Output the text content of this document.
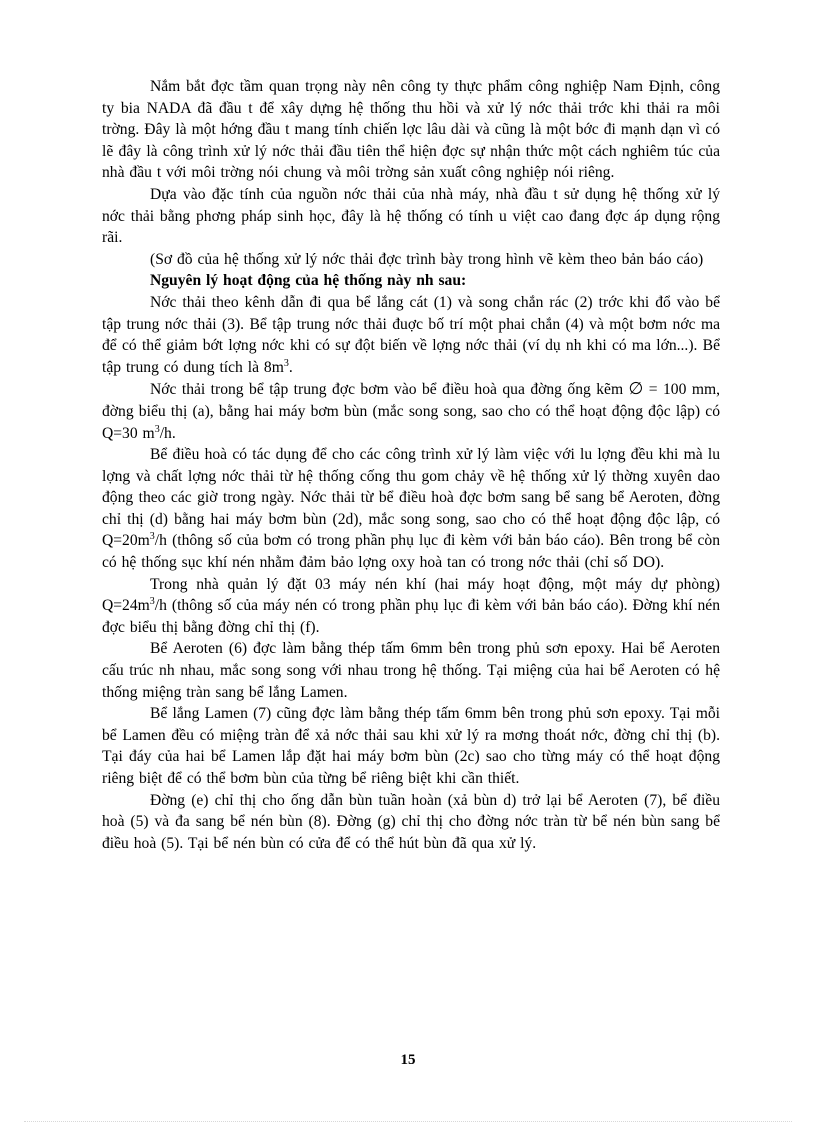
Nắm bắt đợc tầm quan trọng này nên công ty thực phẩm công nghiệp Nam Định, công ty bia NADA đã đầu t để xây dựng hệ thống thu hồi và xử lý nớc thải trớc khi thải ra môi trờng. Đây là một hớng đầu t mang tính chiến lợc lâu dài và cũng là một bớc đi mạnh dạn vì có lẽ đây là công trình xử lý nớc thải đầu tiên thể hiện đợc sự nhận thức một cách nghiêm túc của nhà đầu t với môi trờng nói chung và môi trờng sản xuất công nghiệp nói riêng.

Dựa vào đặc tính của nguồn nớc thải của nhà máy, nhà đầu t sử dụng hệ thống xử lý nớc thải bằng phơng pháp sinh học, đây là hệ thống có tính u việt cao đang đợc áp dụng rộng rãi.

(Sơ đồ của hệ thống xử lý nớc thải đợc trình bày trong hình vẽ kèm theo bản báo cáo)

Nguyên lý hoạt động của hệ thống này nh sau:

Nớc thải theo kênh dẫn đi qua bể lắng cát (1) và song chắn rác (2) trớc khi đổ vào bể tập trung nớc thải (3). Bể tập trung nớc thải đuợc bố trí một phai chắn (4) và một bơm nớc ma để có thể giảm bớt lợng nớc khi có sự đột biến về lợng nớc thải (ví dụ nh khi có ma lớn...). Bể tập trung có dung tích là $8m^3$.

Nớc thải trong bể tập trung đợc bơm vào bể điều hoà qua đờng ống kẽm ∅ = 100 mm, đờng biểu thị (a), bằng hai máy bơm bùn (mắc song song, sao cho có thể hoạt động độc lập) có Q=30 $m^3/h$.

Bể điều hoà có tác dụng để cho các công trình xử lý làm việc với lu lợng đều khi mà lu lợng và chất lợng nớc thải từ hệ thống cống thu gom chảy về hệ thống xử lý thờng xuyên dao động theo các giờ trong ngày. Nớc thải từ bể điều hoà đợc bơm sang bể sang bể Aeroten, đờng chỉ thị (d) bằng hai máy bơm bùn (2d), mắc song song, sao cho có thể hoạt động độc lập, có $Q=20m^3/h$ (thông số của bơm có trong phần phụ lục đi kèm với bản báo cáo). Bên trong bể còn có hệ thống sục khí nén nhằm đảm bảo lợng oxy hoà tan có trong nớc thải (chỉ số DO).

Trong nhà quản lý đặt 03 máy nén khí (hai máy hoạt động, một máy dự phòng) $Q=24m^3/h$ (thông số của máy nén có trong phần phụ lục đi kèm với bản báo cáo). Đờng khí nén đợc biểu thị bằng đờng chỉ thị (f).

Bể Aeroten (6) đợc làm bằng thép tấm 6mm bên trong phủ sơn epoxy. Hai bể Aeroten cấu trúc nh nhau, mắc song song với nhau trong hệ thống. Tại miệng của hai bể Aeroten có hệ thống miệng tràn sang bể lắng Lamen.

Bể lắng Lamen (7) cũng đợc làm bằng thép tấm 6mm bên trong phủ sơn epoxy. Tại mỗi bể Lamen đều có miệng tràn để xả nớc thải sau khi xử lý ra mơng thoát nớc, đờng chỉ thị (b). Tại đáy của hai bể Lamen lắp đặt hai máy bơm bùn (2c) sao cho từng máy có thể hoạt động riêng biệt để có thể bơm bùn của từng bể riêng biệt khi cần thiết.

Đờng (e) chỉ thị cho ống dẫn bùn tuần hoàn (xả bùn d) trở lại bể Aeroten (7), bể điều hoà (5) và đa sang bể nén bùn (8). Đờng (g) chỉ thị cho đờng nớc tràn từ bể nén bùn sang bể điều hoà (5). Tại bể nén bùn có cửa để có thể hút bùn đã qua xử lý.

15
